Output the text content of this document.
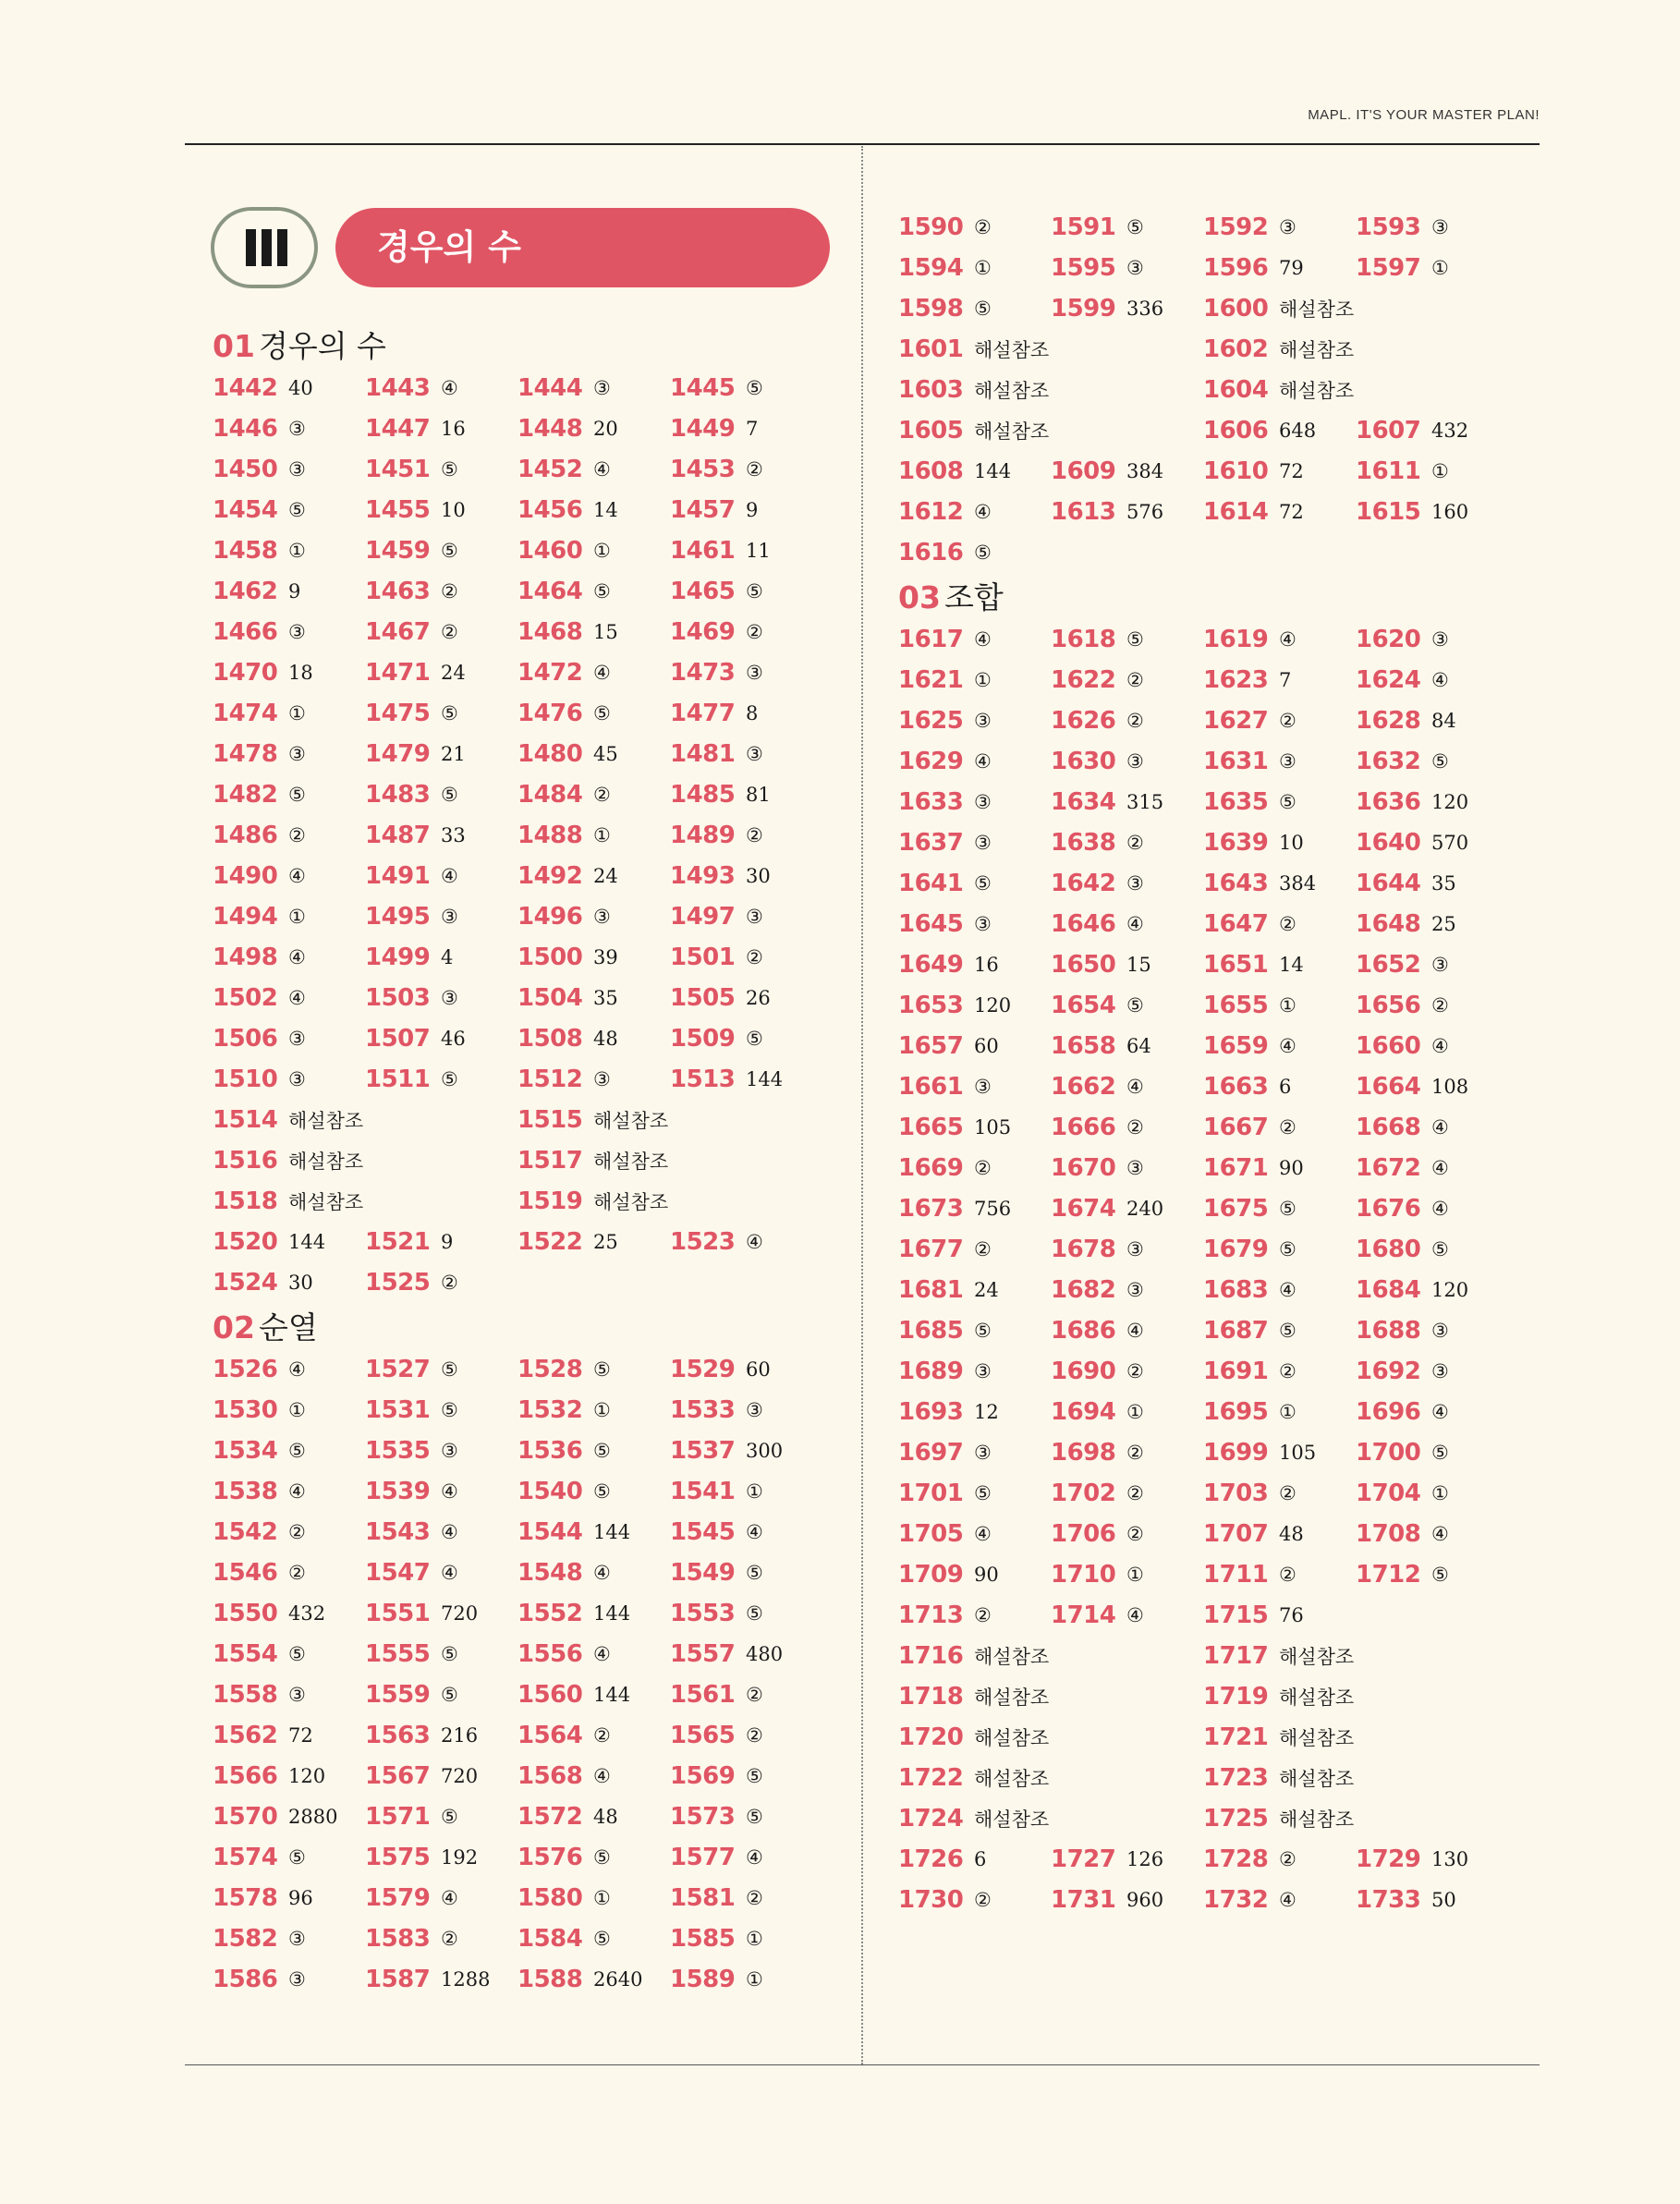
MAPL. IT'S YOUR MASTER PLAN!
경우의 수
01 경우의 수
1442 40 1443 ④ 1444 ③ 1445 ⑤
1446 ③ 1447 16 1448 20 1449 7
1450 ③ 1451 ⑤ 1452 ④ 1453 ②
1454 ⑤ 1455 10 1456 14 1457 9
1458 ① 1459 ⑤ 1460 ① 1461 11
1462 9	1463 ② 1464 ⑤ 1465 ⑤
1466 ③ 1467 ② 1468 15 1469 ②
1470 18 1471 24 1472 ④ 1473 ③
1474 ① 1475 ⑤ 1476 ⑤ 1477 8
1478 ③ 1479 21 1480 45 1481 ③
1482 ⑤ 1483 ⑤ 1484 ② 1485 81
1486 ② 1487 33 1488 ① 1489 ②
1490 ④ 1491 ④ 1492 24 1493 30
1494 ① 1495 ③ 1496 ③ 1497 ③
1498 ④ 1499 4	1500 39 1501 ②
1502 ④ 1503 ③ 1504 35 1505 26
1506 ③ 1507 46 1508 48 1509 ⑤
1510 ③ 1511 ⑤ 1512 ③ 1513 144
1514 해설참조	1515 해설참조
1516 해설참조	1517 해설참조
1518 해설참조	1519 해설참조
1520 144 1521 9	1522 25 1523 ④
1524 30 1525 ②
02 순열
1526 ④ 1527 ⑤ 1528 ⑤ 1529 60
1530 ① 1531 ⑤ 1532 ① 1533 ③
1534 ⑤ 1535 ③ 1536 ⑤ 1537 300
1538 ④ 1539 ④ 1540 ⑤ 1541 ①
1542 ② 1543 ④ 1544 144 1545 ④
1546 ② 1547 ④ 1548 ④ 1549 ⑤
1550 432 1551 720 1552 144 1553 ⑤
1554 ⑤ 1555 ⑤ 1556 ④ 1557 480
1558 ③ 1559 ⑤ 1560 144 1561 ②
1562 72 1563 216 1564 ② 1565 ②
1566 120 1567 720 1568 ④ 1569 ⑤
1570 2880 1571 ⑤ 1572 48 1573 ⑤
1574 ⑤ 1575 192 1576 ⑤ 1577 ④
1578 96 1579 ④ 1580 ① 1581 ②
1582 ③ 1583 ② 1584 ⑤ 1585 ①
1586 ③ 1587 1288 1588 2640 1589 ①
1590 ② 1591 ⑤ 1592 ③ 1593 ③
1594 ① 1595 ③ 1596 79 1597 ①
1598 ⑤ 1599 336 1600 해설참조
1601 해설참조	1602 해설참조
1603 해설참조	1604 해설참조
1605 해설참조	1606 648 1607 432
1608 144 1609 384 1610 72 1611 ①
1612 ④ 1613 576 1614 72 1615 160
1616 ⑤
03 조합
1617 ④ 1618 ⑤ 1619 ④ 1620 ③
1621 ① 1622 ② 1623 7	1624 ④
1625 ③ 1626 ② 1627 ② 1628 84
1629 ④ 1630 ③ 1631 ③ 1632 ⑤
1633 ③ 1634 315 1635 ⑤ 1636 120
1637 ③ 1638 ② 1639 10 1640 570
1641 ⑤ 1642 ③ 1643 384 1644 35
1645 ③ 1646 ④ 1647 ② 1648 25
1649 16 1650 15 1651 14 1652 ③
1653 120 1654 ⑤ 1655 ① 1656 ②
1657 60 1658 64 1659 ④ 1660 ④
1661 ③ 1662 ④ 1663 6	1664 108
1665 105 1666 ② 1667 ② 1668 ④
1669 ② 1670 ③ 1671 90 1672 ④
1673 756 1674 240 1675 ⑤ 1676 ④
1677 ② 1678 ③ 1679 ⑤ 1680 ⑤
1681 24 1682 ③ 1683 ④ 1684 120
1685 ⑤ 1686 ④ 1687 ⑤ 1688 ③
1689 ③ 1690 ② 1691 ② 1692 ③
1693 12 1694 ① 1695 ① 1696 ④
1697 ③ 1698 ② 1699 105 1700 ⑤
1701 ⑤ 1702 ② 1703 ② 1704 ①
1705 ④ 1706 ② 1707 48 1708 ④
1709 90 1710 ① 1711 ② 1712 ⑤
1713 ② 1714 ④ 1715 76
1716 해설참조	1717 해설참조
1718 해설참조	1719 해설참조
1720 해설참조	1721 해설참조
1722 해설참조	1723 해설참조
1724 해설참조	1725 해설참조
1726 6	1727 126 1728 ② 1729 130
1730 ② 1731 960 1732 ④ 1733 50
